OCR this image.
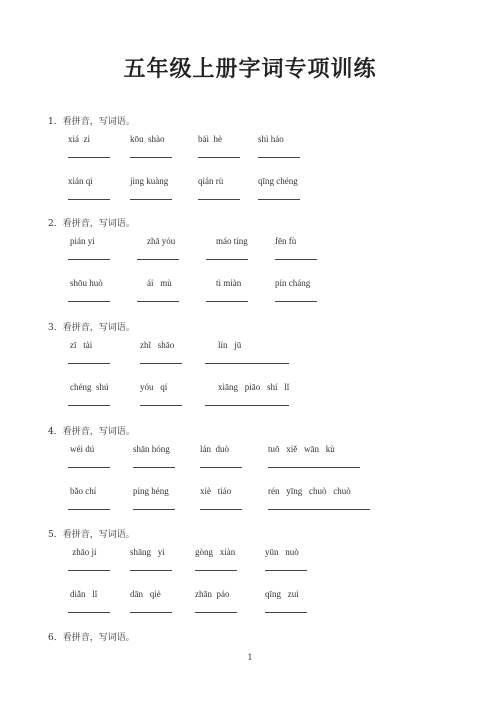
五年级上册字词专项训练
1．看拼音，写词语。
xiá  zi	kōu  shào	bái  hè	shì háo
xián qì	jìng kuàng	qián rù	qīng chéng
2．看拼音，写词语。
pián yi	zhā yóu	máo tíng	fēn fù
shōu huò	ái   mù	tì miàn	pín cháng
3．看拼音，写词语。
zī   tài	zhǐ   shāo	lín   jū
chéng  shú	yóu   qí	xiāng   piāo   shí   lǐ
4．看拼音，写词语。
wéi dú	shān hóng	lán  duò	tuō   xiě   wān   kù
bǎo chí	píng héng	xiè   tiáo	rén   yīng   chuò   chuò
5．看拼音，写词语。
zhāo jí	shāng   yì	gòng   xiàn	yūn   nuò
diǎn   lǐ	dān   qiè	zhān  páo	qīng   zuì
6．看拼音，写词语。
1
